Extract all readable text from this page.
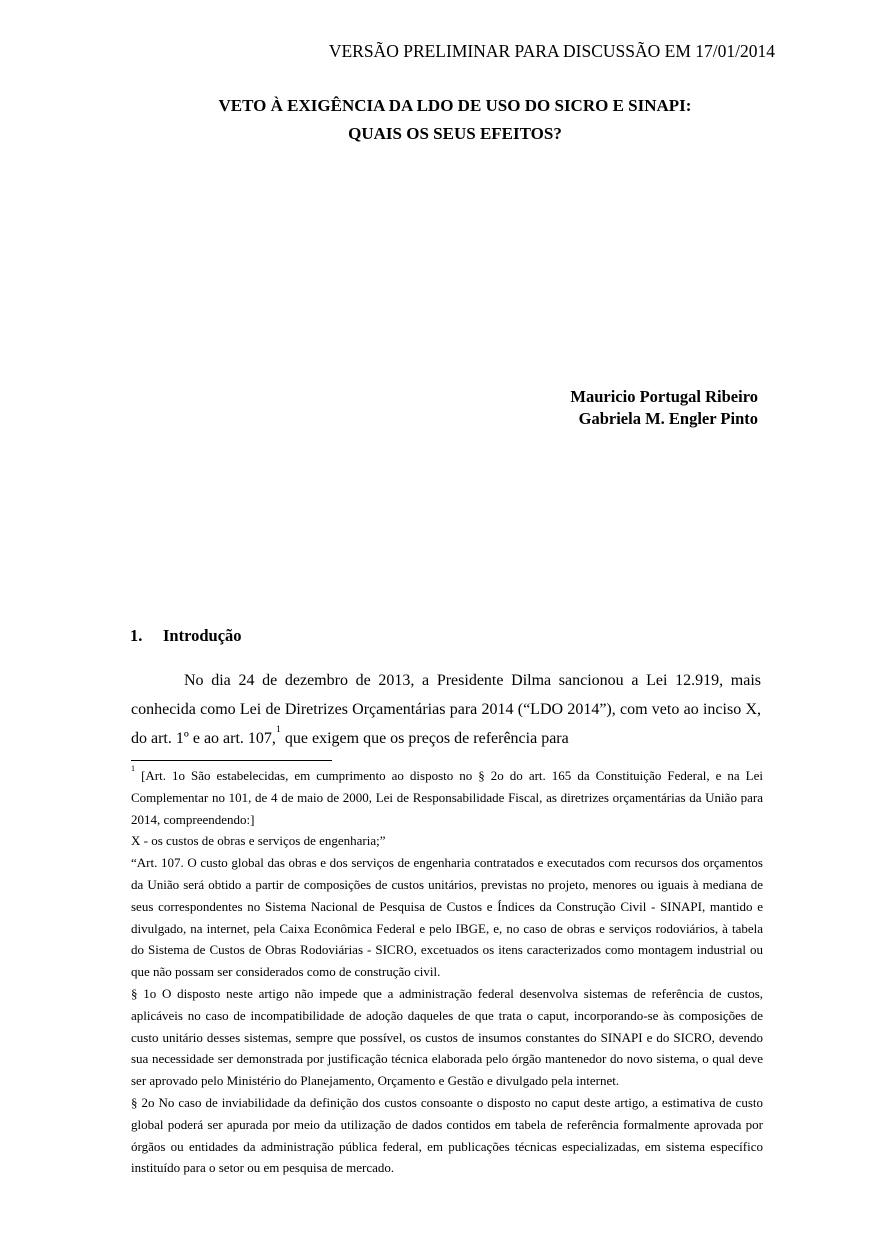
VERSÃO PRELIMINAR PARA DISCUSSÃO EM 17/01/2014
VETO À EXIGÊNCIA DA LDO DE USO DO SICRO E SINAPI:
QUAIS OS SEUS EFEITOS?
Mauricio Portugal Ribeiro
Gabriela M. Engler Pinto
1. Introdução

No dia 24 de dezembro de 2013, a Presidente Dilma sancionou a Lei 12.919, mais conhecida como Lei de Diretrizes Orçamentárias para 2014 (“LDO 2014”), com veto ao inciso X, do art. 1º e ao art. 107,$^1$ que exigem que os preços de referência para

$^1$ [Art. 1o São estabelecidas, em cumprimento ao disposto no § 2o do art. 165 da Constituição Federal, e na Lei Complementar no 101, de 4 de maio de 2000, Lei de Responsabilidade Fiscal, as diretrizes orçamentárias da União para 2014, compreendendo:]

X - os custos de obras e serviços de engenharia;”

“Art. 107. O custo global das obras e dos serviços de engenharia contratados e executados com recursos dos orçamentos da União será obtido a partir de composições de custos unitários, previstas no projeto, menores ou iguais à mediana de seus correspondentes no Sistema Nacional de Pesquisa de Custos e Índices da Construção Civil - SINAPI, mantido e divulgado, na internet, pela Caixa Econômica Federal e pelo IBGE, e, no caso de obras e serviços rodoviários, à tabela do Sistema de Custos de Obras Rodoviárias - SICRO, excetuados os itens caracterizados como montagem industrial ou que não possam ser considerados como de construção civil.

§ 1o O disposto neste artigo não impede que a administração federal desenvolva sistemas de referência de custos, aplicáveis no caso de incompatibilidade de adoção daqueles de que trata o caput, incorporando-se às composições de custo unitário desses sistemas, sempre que possível, os custos de insumos constantes do SINAPI e do SICRO, devendo sua necessidade ser demonstrada por justificação técnica elaborada pelo órgão mantenedor do novo sistema, o qual deve ser aprovado pelo Ministério do Planejamento, Orçamento e Gestão e divulgado pela internet.

§ 2o No caso de inviabilidade da definição dos custos consoante o disposto no caput deste artigo, a estimativa de custo global poderá ser apurada por meio da utilização de dados contidos em tabela de referência formalmente aprovada por órgãos ou entidades da administração pública federal, em publicações técnicas especializadas, em sistema específico instituído para o setor ou em pesquisa de mercado.
